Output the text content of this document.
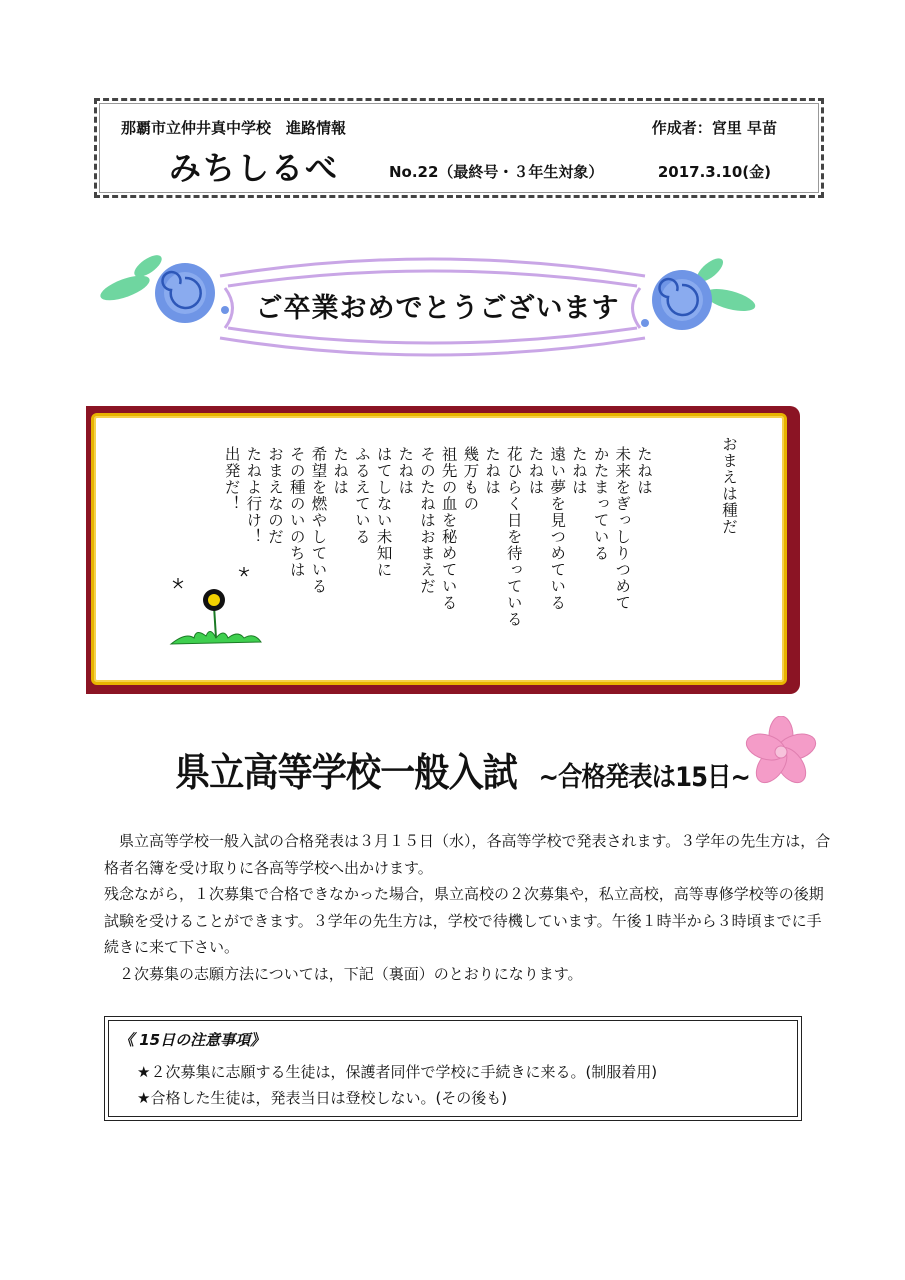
那覇市立仲井真中学校　進路情報	作成者：宮里 早苗
みちしるべ	No.22（最終号・３年生対象）	2017.3.10(金)
ご卒業おめでとうございます
おまえは種だ
たねは
未来をぎっしりつめて
かたまっている
たねは
遠い夢を見つめている
たねは
花ひらく日を待っている
たねは
幾万もの
祖先の血を秘めている
そのたねはおまえだ
たねは
はてしない未知に
ふるえている
たねは
希望を燃やしている
その種のいのちは
おまえなのだ
たねよ行け！
出発だ！
県立高等学校一般入試 ~合格発表は15日~

　県立高等学校一般入試の合格発表は３月１５日（水），各高等学校で発表されます。３学年の先生方は，合格者名簿を受け取りに各高等学校へ出かけます。

残念ながら，１次募集で合格できなかった場合，県立高校の２次募集や，私立高校，高等専修学校等の後期試験を受けることができます。３学年の先生方は，学校で待機しています。午後１時半から３時頃までに手続きに来て下さい。

　２次募集の志願方法については，下記（裏面）のとおりになります。

《 15日の注意事項》
★２次募集に志願する生徒は，保護者同伴で学校に手続きに来る。(制服着用)
★合格した生徒は，発表当日は登校しない。(その後も)
